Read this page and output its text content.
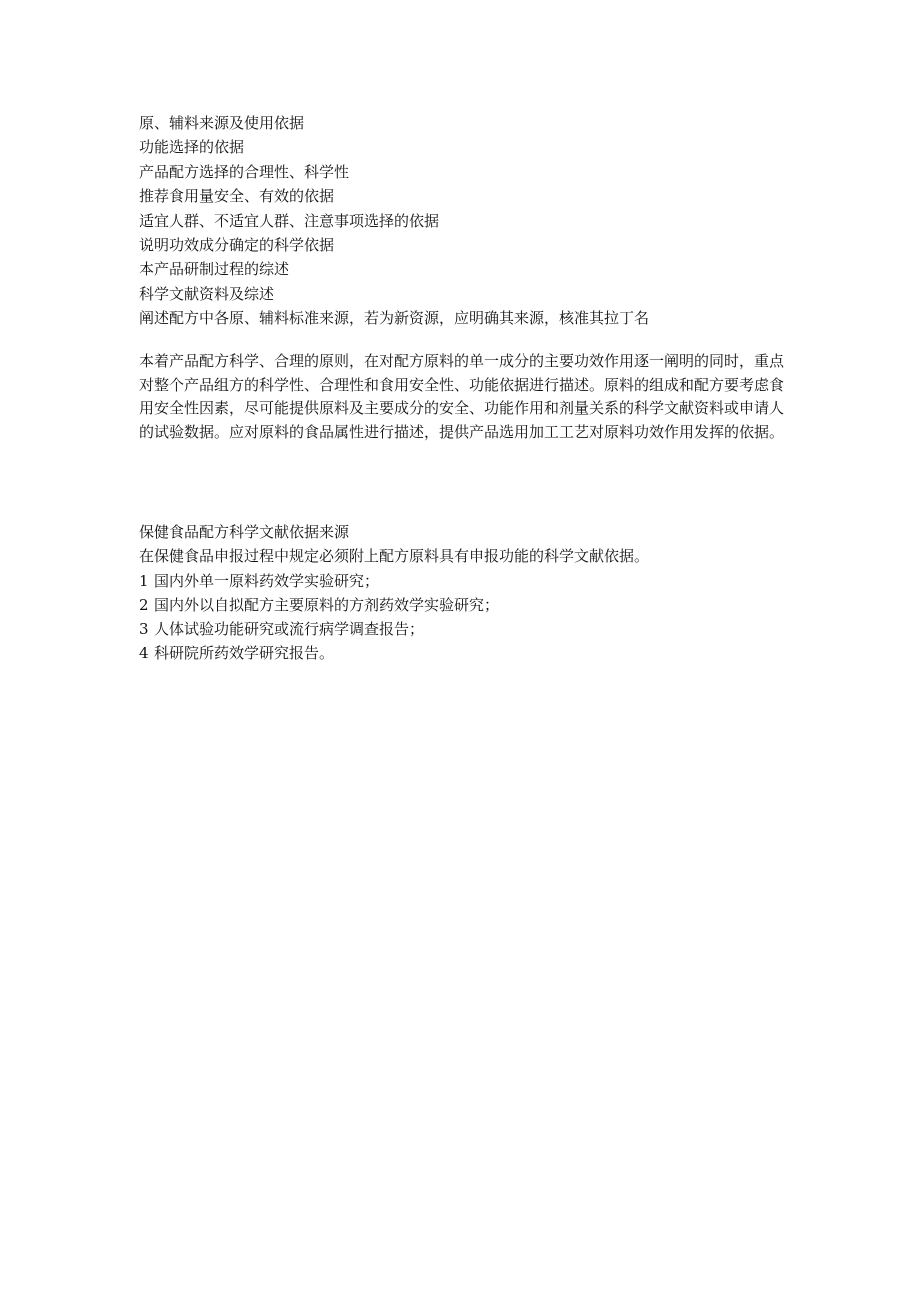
原、辅料来源及使用依据

功能选择的依据

产品配方选择的合理性、科学性

推荐食用量安全、有效的依据

适宜人群、不适宜人群、注意事项选择的依据

说明功效成分确定的科学依据

本产品研制过程的综述

科学文献资料及综述

阐述配方中各原、辅料标准来源，若为新资源，应明确其来源，核准其拉丁名

本着产品配方科学、合理的原则，在对配方原料的单一成分的主要功效作用逐一阐明的同时，重点对整个产品组方的科学性、合理性和食用安全性、功能依据进行描述。原料的组成和配方要考虑食用安全性因素，尽可能提供原料及主要成分的安全、功能作用和剂量关系的科学文献资料或申请人的试验数据。应对原料的食品属性进行描述，提供产品选用加工工艺对原料功效作用发挥的依据。

保健食品配方科学文献依据来源

在保健食品申报过程中规定必须附上配方原料具有申报功能的科学文献依据。

1 国内外单一原料药效学实验研究；

2 国内外以自拟配方主要原料的方剂药效学实验研究；

3 人体试验功能研究或流行病学调查报告；

4 科研院所药效学研究报告。
